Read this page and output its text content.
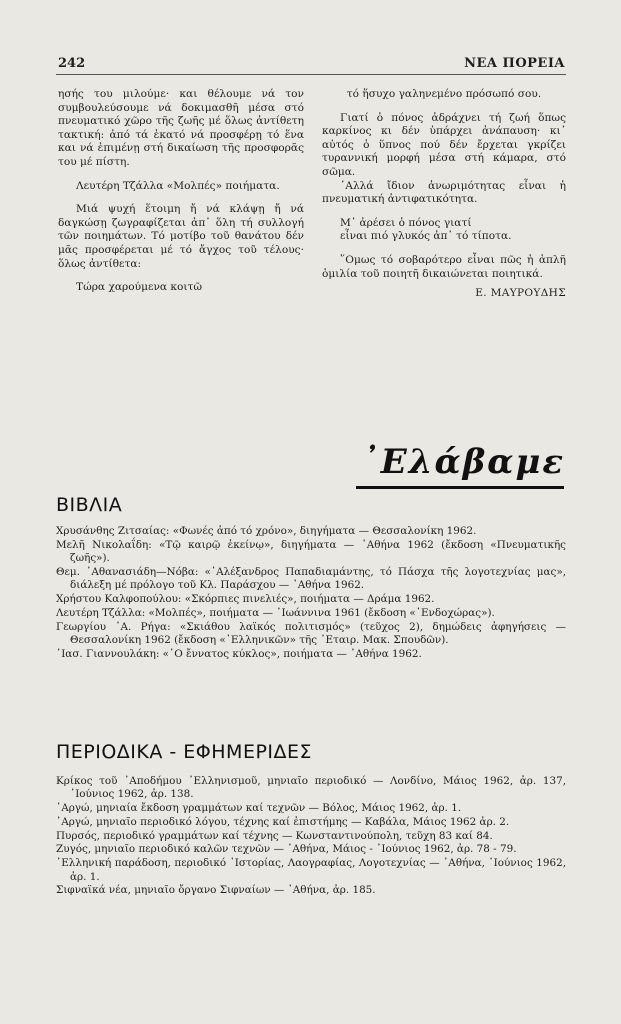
242	ΝΕΑ ΠΟΡΕΙΑ

ησής του μιλούμε· και θέλουμε νά τον συμβουλεύσουμε νά δοκιμασθῆ μέσα στό πνευματικό χῶρο τῆς ζωῆς μέ ὅλως ἀντίθετη τακτική: ἀπό τά ἑκατό νά προσφέρῃ τό ἕνα και νά ἐπιμένῃ στή δικαίωση τῆς προσφορᾶς του μέ πίστη.

Λευτέρη Τζάλλα «Μολπές» ποιήματα.

Μιά ψυχή ἕτοιμη ἤ νά κλάψῃ ἤ νά δαγκώσῃ ζωγραφίζεται ἀπ᾽ ὅλη τή συλλογή τῶν ποιημάτων. Τό μοτίβο τοῦ θανάτου δέν μᾶς προσφέρεται μέ τό ἄγχος τοῦ τέλους· ὅλως ἀντίθετα:

Τώρα χαρούμενα κοιτῶ

τό ἥσυχο γαληνεμένο πρόσωπό σου.

Γιατί ὁ πόνος ἀδράχνει τή ζωή ὅπως καρκίνος κι δέν ὑπάρχει ἀνάπαυση· κι᾽ αὐτός ὁ ὕπνος πού δέν ἔρχεται γκρίζει τυραννική μορφή μέσα στή κάμαρα, στό σῶμα.

᾽Αλλά ἴδιον ἀνωριμότητας εἶναι ἡ πνευματική ἀντιφατικότητα.

Μ᾽ ἀρέσει ὁ πόνος γιατί

εἶναι πιό γλυκός ἀπ᾽ τό τίποτα.

῞Ομως τό σοβαρότερο εἶναι πῶς ἡ ἁπλῆ ὁμιλία τοῦ ποιητῆ δικαιώνεται ποιητικά.

Ε. ΜΑΥΡΟΥΔΗΣ

᾽Ελάβαμε
ΒΙΒΛΙΑ
Χρυσάνθης Ζιτσαίας: «Φωνές ἀπό τό χρόνο», διηγήματα — Θεσσαλονίκη 1962.
Μελῆ Νικολαΐδη: «Τῷ καιρῷ ἐκείνῳ», διηγήματα — ᾽Αθήνα 1962 (ἔκδοση «Πνευματικῆς ζωῆς»).
Θεμ. ᾽Αθανασιάδη—Νόβα: «᾽Αλέξανδρος Παπαδιαμάντης, τό Πάσχα τῆς λογοτεχνίας μας», διάλεξη μέ πρόλογο τοῦ Κλ. Παράσχου — ᾽Αθήνα 1962.
Χρήστου Καλφοπούλου: «Σκόρπιες πινελιές», ποιήματα — Δράμα 1962.
Λευτέρη Τζάλλα: «Μολπές», ποιήματα — ᾽Ιωάννινα 1961 (ἔκδοση «᾽Ενδοχώρας»).
Γεωργίου ᾽Α. Ρήγα: «Σκιάθου λαϊκός πολιτισμός» (τεῦχος 2), δημώδεις ἀφηγήσεις — Θεσσαλονίκη 1962 (ἔκδοση «᾽Ελληνικῶν» τῆς ᾽Εταιρ. Μακ. Σπουδῶν).
᾽Ιασ. Γιαννουλάκη: «᾽Ο ἔννατος κύκλος», ποιήματα — ᾽Αθήνα 1962.
ΠΕΡΙΟΔΙΚΑ - ΕΦΗΜΕΡΙΔΕΣ
Κρίκος τοῦ ᾽Αποδήμου ᾽Ελληνισμοῦ, μηνιαῖο περιοδικό — Λονδίνο, Μάιος 1962, ἀρ. 137, ᾽Ιούνιος 1962, ἀρ. 138.
᾽Αργώ, μηνιαία ἔκδοση γραμμάτων καί τεχνῶν — Βόλος, Μάιος 1962, ἀρ. 1.
᾽Αργώ, μηνιαῖο περιοδικό λόγου, τέχνης καί ἐπιστήμης — Καβάλα, Μάιος 1962 ἀρ. 2.
Πυρσός, περιοδικό γραμμάτων καί τέχνης — Κωνσταντινούπολη, τεῦχη 83 καί 84.
Ζυγός, μηνιαῖο περιοδικό καλῶν τεχνῶν — ᾽Αθήνα, Μάιος - ᾽Ιούνιος 1962, ἀρ. 78 - 79.
᾽Ελληνική παράδοση, περιοδικό ᾽Ιστορίας, Λαογραφίας, Λογοτεχνίας — ᾽Αθήνα, ᾽Ιούνιος 1962, ἀρ. 1.
Σιφναϊκά νέα, μηνιαῖο ὄργανο Σιφναίων — ᾽Αθήνα, ἀρ. 185.
